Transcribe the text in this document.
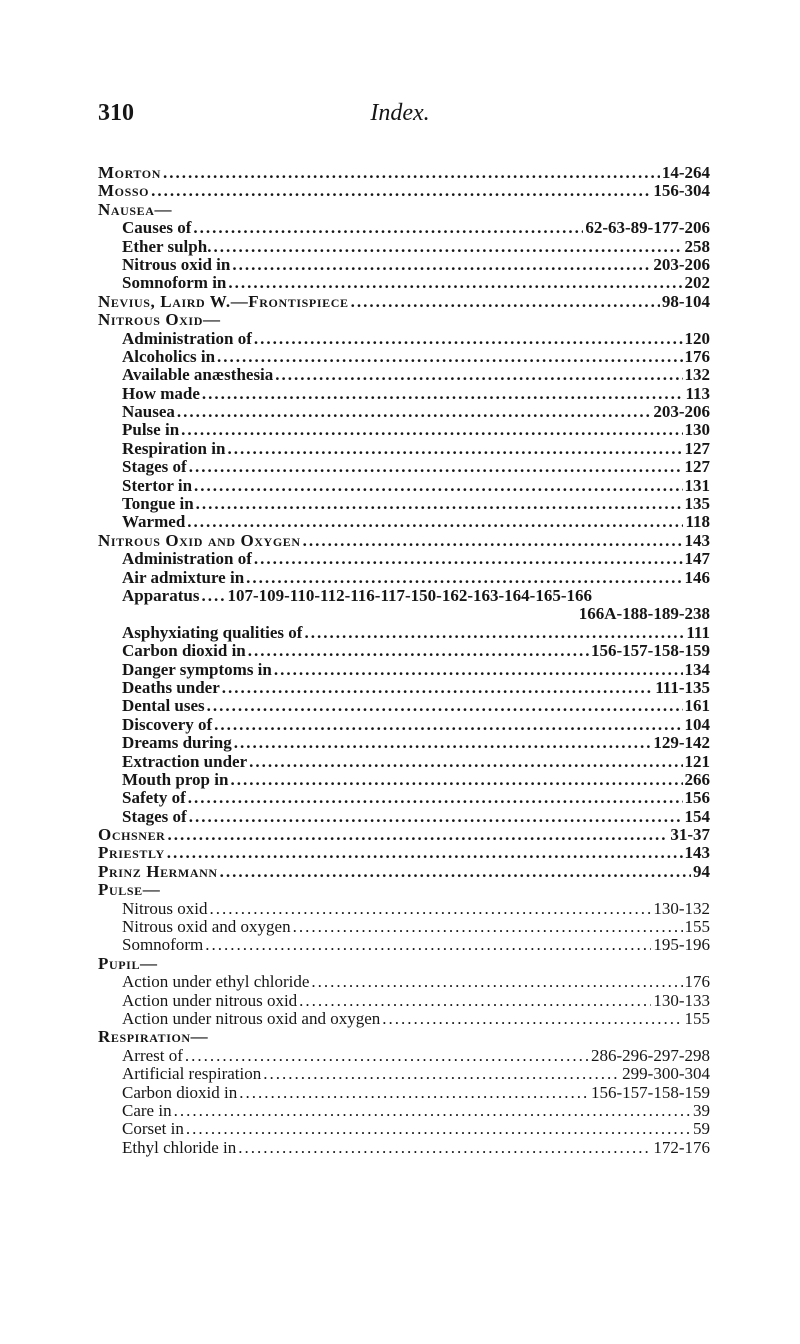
310	Index.
Morton .....	14-264
Mosso .....	156-304
Nausea—
Causes of .....	62-63-89-177-206
Ether sulph. .....	258
Nitrous oxid in .....	203-206
Somnoform in .....	202
Nevius, Laird W.—Frontispiece .....	98-104
Nitrous Oxid—
Administration of .....	120
Alcoholics in .....	176
Available anæsthesia .....	132
How made .....	113
Nausea .....	203-206
Pulse in .....	130
Respiration in .....	127
Stages of .....	127
Stertor in .....	131
Tongue in .....	135
Warmed .....	118
Nitrous Oxid and Oxygen .....	143
Administration of .....	147
Air admixture in .....	146
Apparatus ..... 107-109-110-112-116-117-150-162-163-164-165-166
166A-188-189-238
Asphyxiating qualities of .....	111
Carbon dioxid in .....	156-157-158-159
Danger symptoms in .....	134
Deaths under .....	111-135
Dental uses .....	161
Discovery of .....	104
Dreams during .....	129-142
Extraction under .....	121
Mouth prop in .....	266
Safety of .....	156
Stages of .....	154
Ochsner .....	31-37
Priestly .....	143
Prinz Hermann .....	94
Pulse—
Nitrous oxid .....	130-132
Nitrous oxid and oxygen .....	155
Somnoform .....	195-196
Pupil—
Action under ethyl chloride .....	176
Action under nitrous oxid .....	130-133
Action under nitrous oxid and oxygen .....	155
Respiration—
Arrest of .....	286-296-297-298
Artificial respiration .....	299-300-304
Carbon dioxid in .....	156-157-158-159
Care in .....	39
Corset in .....	59
Ethyl chloride in .....	172-176
